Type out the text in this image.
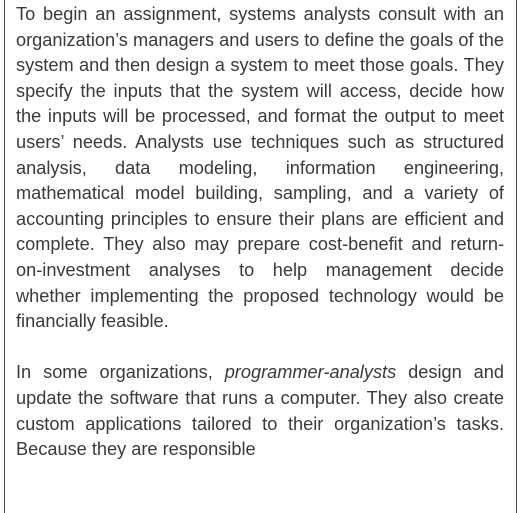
To begin an assignment, systems analysts consult with an organization’s managers and users to define the goals of the system and then design a system to meet those goals. They specify the inputs that the system will access, decide how the inputs will be processed, and format the output to meet users’ needs. Analysts use techniques such as structured analysis, data modeling, information engineering, mathematical model building, sampling, and a variety of accounting principles to ensure their plans are efficient and complete. They also may prepare cost-benefit and return-on-investment analyses to help management decide whether implementing the proposed technology would be financially feasible.

In some organizations, programmer-analysts design and update the software that runs a computer. They also create custom applications tailored to their organization’s tasks. Because they are responsible
